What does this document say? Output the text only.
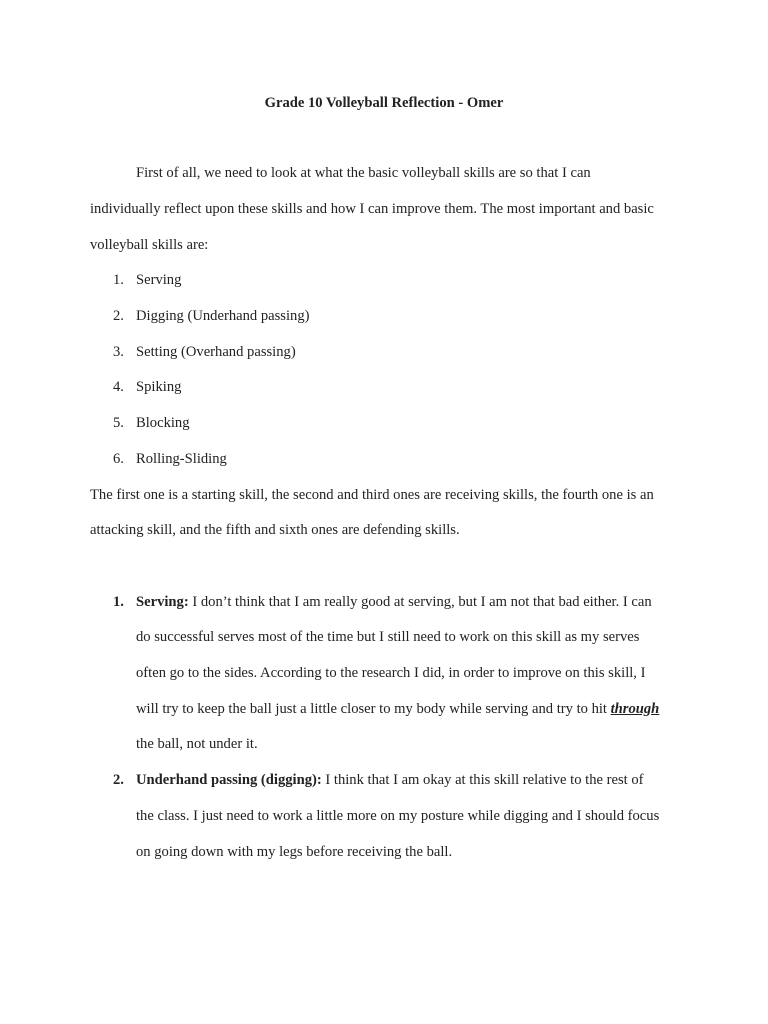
Grade 10 Volleyball Reflection - Omer
First of all, we need to look at what the basic volleyball skills are so that I can
individually reflect upon these skills and how I can improve them. The most important and basic
volleyball skills are:
1. Serving
2. Digging (Underhand passing)
3. Setting (Overhand passing)
4. Spiking
5. Blocking
6. Rolling-Sliding
The first one is a starting skill, the second and third ones are receiving skills, the fourth one is an
attacking skill, and the fifth and sixth ones are defending skills.
1. Serving: I don’t think that I am really good at serving, but I am not that bad either. I can
do successful serves most of the time but I still need to work on this skill as my serves
often go to the sides. According to the research I did, in order to improve on this skill, I
will try to keep the ball just a little closer to my body while serving and try to hit through
the ball, not under it.
2. Underhand passing (digging): I think that I am okay at this skill relative to the rest of
the class. I just need to work a little more on my posture while digging and I should focus
on going down with my legs before receiving the ball.
